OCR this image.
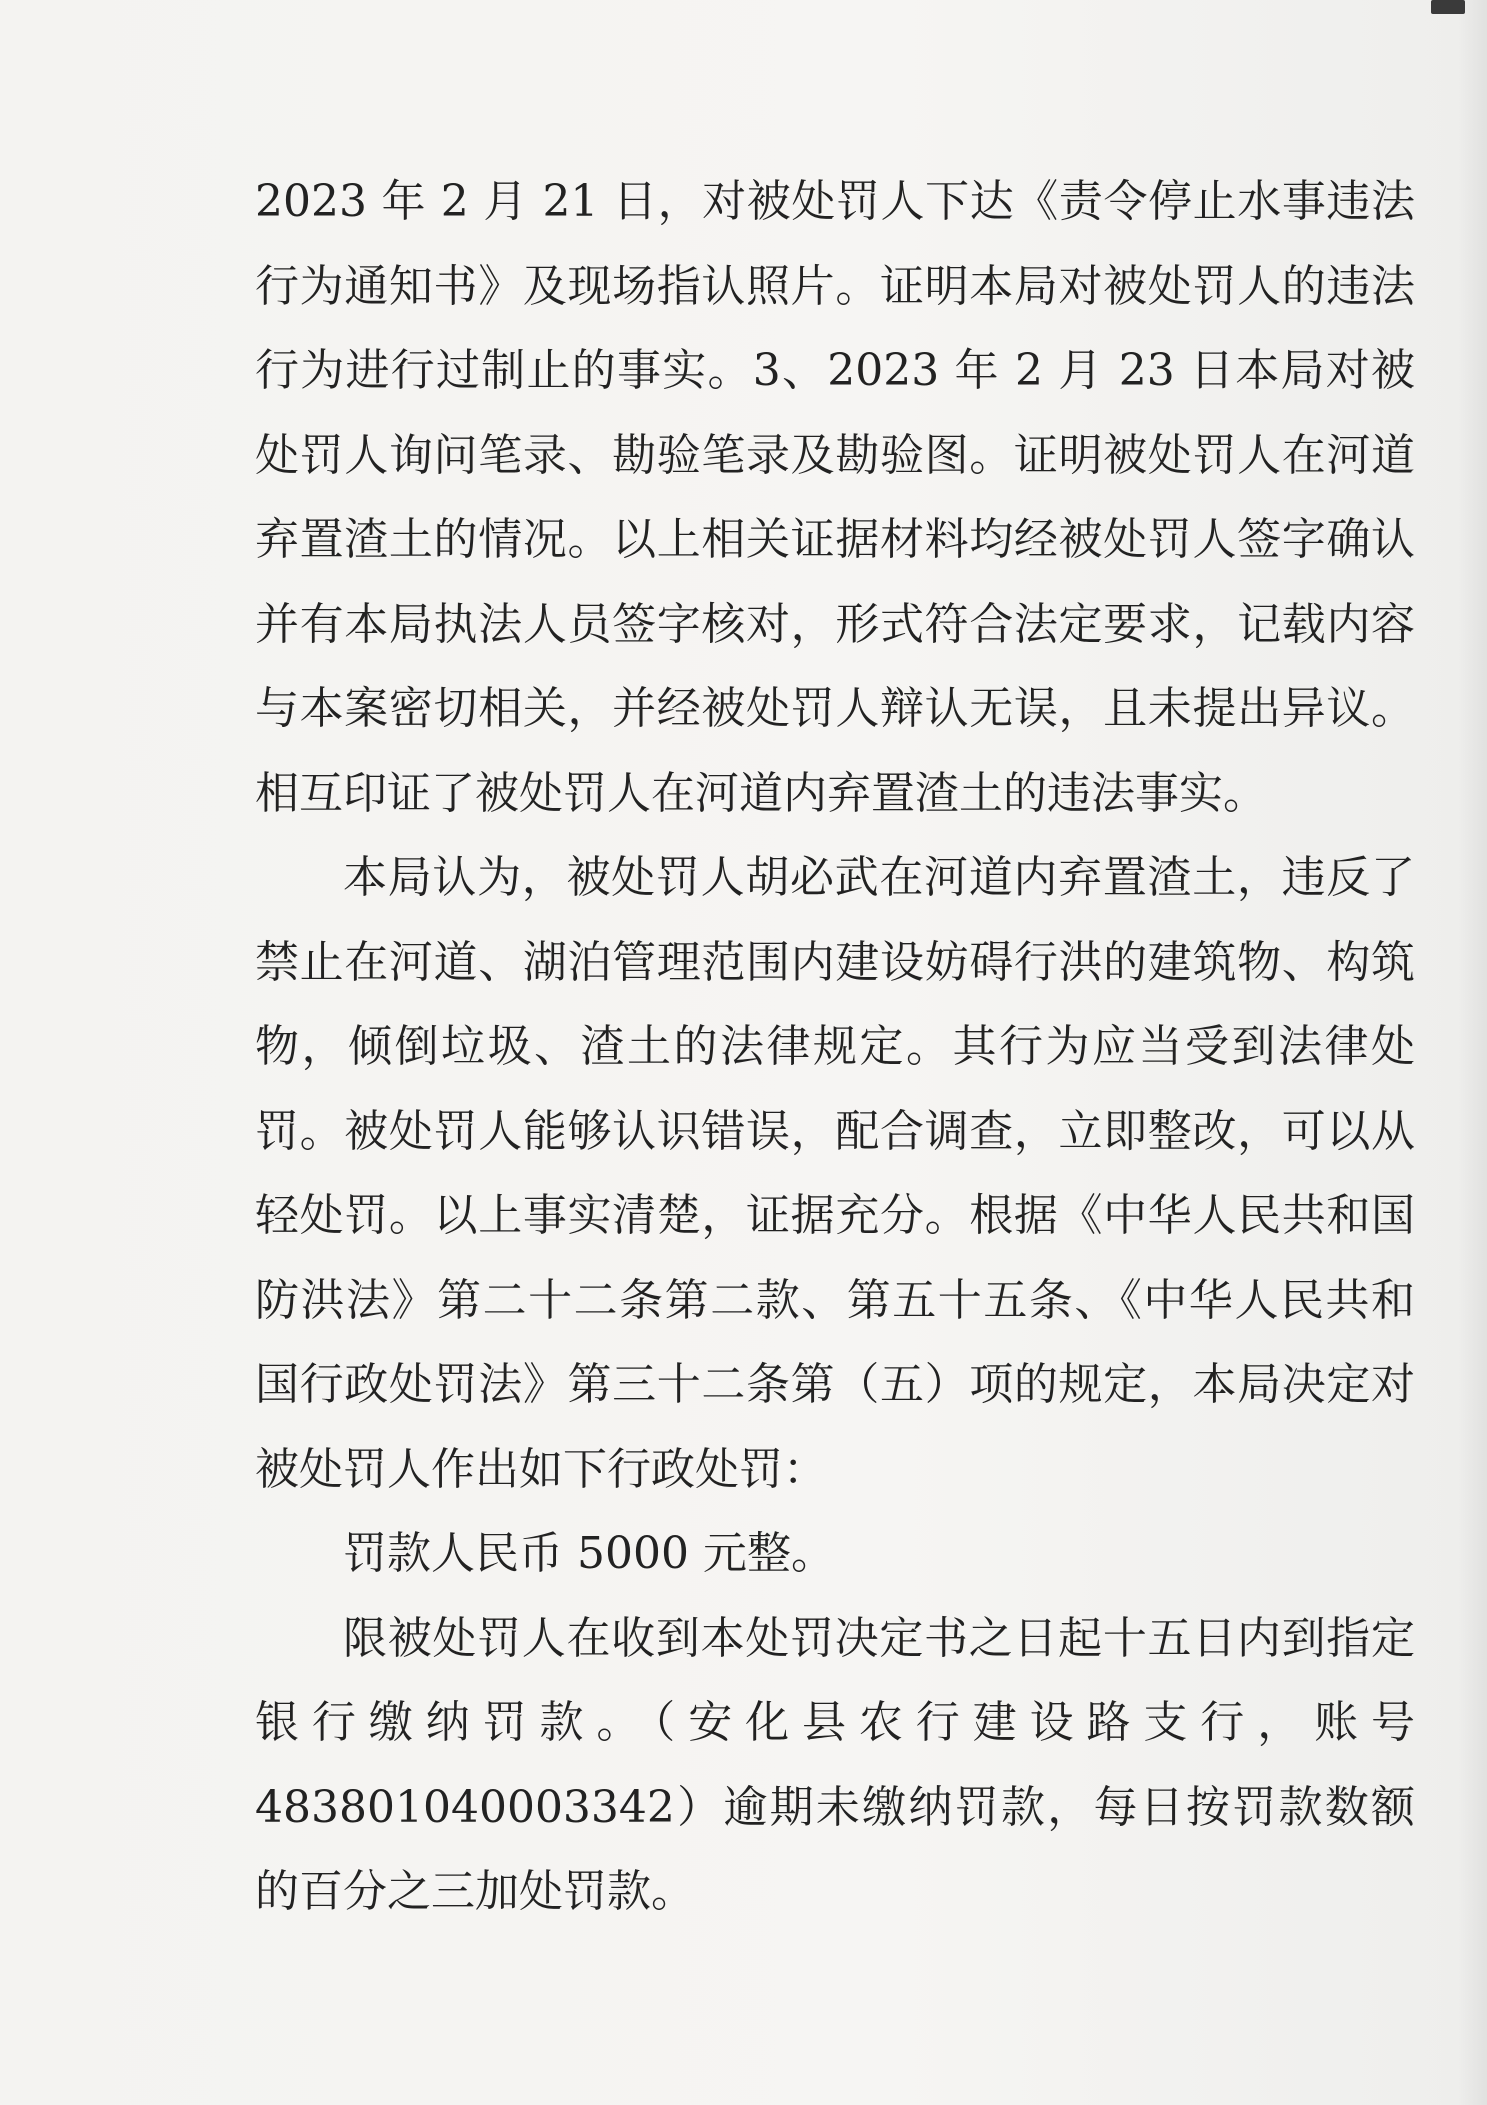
2023 年 2 月 21 日，对被处罚人下达《责令停止水事违法行为通知书》及现场指认照片。证明本局对被处罚人的违法行为进行过制止的事实。3、2023 年 2 月 23 日本局对被处罚人询问笔录、勘验笔录及勘验图。证明被处罚人在河道弃置渣土的情况。以上相关证据材料均经被处罚人签字确认并有本局执法人员签字核对，形式符合法定要求，记载内容与本案密切相关，并经被处罚人辩认无误，且未提出异议。相互印证了被处罚人在河道内弃置渣土的违法事实。

本局认为，被处罚人胡必武在河道内弃置渣土，违反了禁止在河道、湖泊管理范围内建设妨碍行洪的建筑物、构筑物，倾倒垃圾、渣土的法律规定。其行为应当受到法律处罚。被处罚人能够认识错误，配合调查，立即整改，可以从轻处罚。以上事实清楚，证据充分。根据《中华人民共和国防洪法》第二十二条第二款、第五十五条、《中华人民共和国行政处罚法》第三十二条第（五）项的规定，本局决定对被处罚人作出如下行政处罚：

罚款人民币 5000 元整。

限被处罚人在收到本处罚决定书之日起十五日内到指定银行缴纳罚款。（安化县农行建设路支行，账号483801040003342）逾期未缴纳罚款，每日按罚款数额的百分之三加处罚款。
